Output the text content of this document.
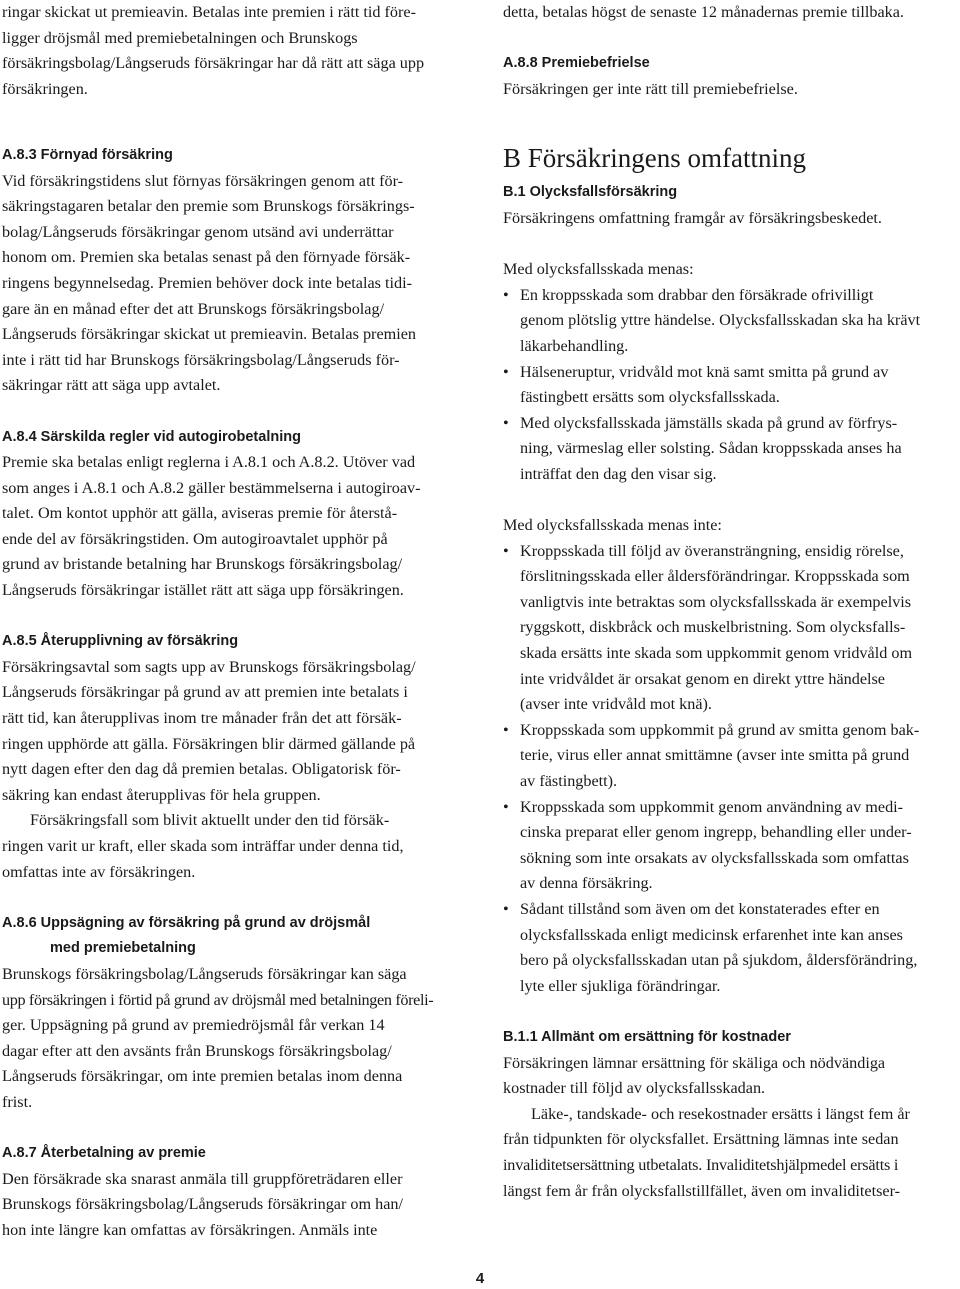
ringar skickat ut premieavin. Betalas inte premien i rätt tid före-
ligger dröjsmål med premiebetalningen och Brunskogs
försäkringsbolag/Långseruds försäkringar har då rätt att säga upp
försäkringen.
A.8.3 Förnyad försäkring
Vid försäkringstidens slut förnyas försäkringen genom att för-
säkringstagaren betalar den premie som Brunskogs försäkrings-
bolag/Långseruds försäkringar genom utsänd avi underrättar
honom om. Premien ska betalas senast på den förnyade försäk-
ringens begynnelsedag. Premien behöver dock inte betalas tidi-
gare än en månad efter det att Brunskogs försäkringsbolag/
Långseruds försäkringar skickat ut premieavin. Betalas premien
inte i rätt tid har Brunskogs försäkringsbolag/Långseruds för-
säkringar rätt att säga upp avtalet.
A.8.4 Särskilda regler vid autogirobetalning
Premie ska betalas enligt reglerna i A.8.1 och A.8.2. Utöver vad
som anges i A.8.1 och A.8.2 gäller bestämmelserna i autogiroav-
talet. Om kontot upphör att gälla, aviseras premie för återstå-
ende del av försäkringstiden. Om autogiroavtalet upphör på
grund av bristande betalning har Brunskogs försäkringsbolag/
Långseruds försäkringar istället rätt att säga upp försäkringen.
A.8.5 Återupplivning av försäkring
Försäkringsavtal som sagts upp av Brunskogs försäkringsbolag/
Långseruds försäkringar på grund av att premien inte betalats i
rätt tid, kan återupplivas inom tre månader från det att försäk-
ringen upphörde att gälla. Försäkringen blir därmed gällande på
nytt dagen efter den dag då premien betalas. Obligatorisk för-
säkring kan endast återupplivas för hela gruppen.
Försäkringsfall som blivit aktuellt under den tid försäk-
ringen varit ur kraft, eller skada som inträffar under denna tid,
omfattas inte av försäkringen.
A.8.6 Uppsägning av försäkring på grund av dröjsmål
med premiebetalning
Brunskogs försäkringsbolag/Långseruds försäkringar kan säga
upp försäkringen i förtid på grund av dröjsmål med betalningen föreli-
ger. Uppsägning på grund av premiedröjsmål får verkan 14
dagar efter att den avsänts från Brunskogs försäkringsbolag/
Långseruds försäkringar, om inte premien betalas inom denna
frist.
A.8.7 Återbetalning av premie
Den försäkrade ska snarast anmäla till gruppföreträdaren eller
Brunskogs försäkringsbolag/Långseruds försäkringar om han/
hon inte längre kan omfattas av försäkringen. Anmäls inte
detta, betalas högst de senaste 12 månadernas premie tillbaka.
A.8.8 Premiebefrielse
Försäkringen ger inte rätt till premiebefrielse.
B Försäkringens omfattning
B.1 Olycksfallsförsäkring
Försäkringens omfattning framgår av försäkringsbeskedet.
Med olycksfallsskada menas:
• En kroppsskada som drabbar den försäkrade ofrivilligt
genom plötslig yttre händelse. Olycksfallsskadan ska ha krävt
läkarbehandling.
• Hälseneruptur, vridvåld mot knä samt smitta på grund av
fästingbett ersätts som olycksfallsskada.
• Med olycksfallsskada jämställs skada på grund av förfrys-
ning, värmeslag eller solsting. Sådan kroppsskada anses ha
inträffat den dag den visar sig.
Med olycksfallsskada menas inte:
• Kroppsskada till följd av överansträngning, ensidig rörelse,
förslitningsskada eller åldersförändringar. Kroppsskada som
vanligtvis inte betraktas som olycksfallsskada är exempelvis
ryggskott, diskbråck och muskelbristning. Som olycksfalls-
skada ersätts inte skada som uppkommit genom vridvåld om
inte vridvåldet är orsakat genom en direkt yttre händelse
(avser inte vridvåld mot knä).
• Kroppsskada som uppkommit på grund av smitta genom bak-
terie, virus eller annat smittämne (avser inte smitta på grund
av fästingbett).
• Kroppsskada som uppkommit genom användning av medi-
cinska preparat eller genom ingrepp, behandling eller under-
sökning som inte orsakats av olycksfallsskada som omfattas
av denna försäkring.
• Sådant tillstånd som även om det konstaterades efter en
olycksfallsskada enligt medicinsk erfarenhet inte kan anses
bero på olycksfallsskadan utan på sjukdom, åldersförändring,
lyte eller sjukliga förändringar.
B.1.1 Allmänt om ersättning för kostnader
Försäkringen lämnar ersättning för skäliga och nödvändiga
kostnader till följd av olycksfallsskadan.
Läke-, tandskade- och resekostnader ersätts i längst fem år
från tidpunkten för olycksfallet. Ersättning lämnas inte sedan
invaliditetsersättning utbetalats. Invaliditetshjälpmedel ersätts i
längst fem år från olycksfallstillfället, även om invaliditetser-
4
